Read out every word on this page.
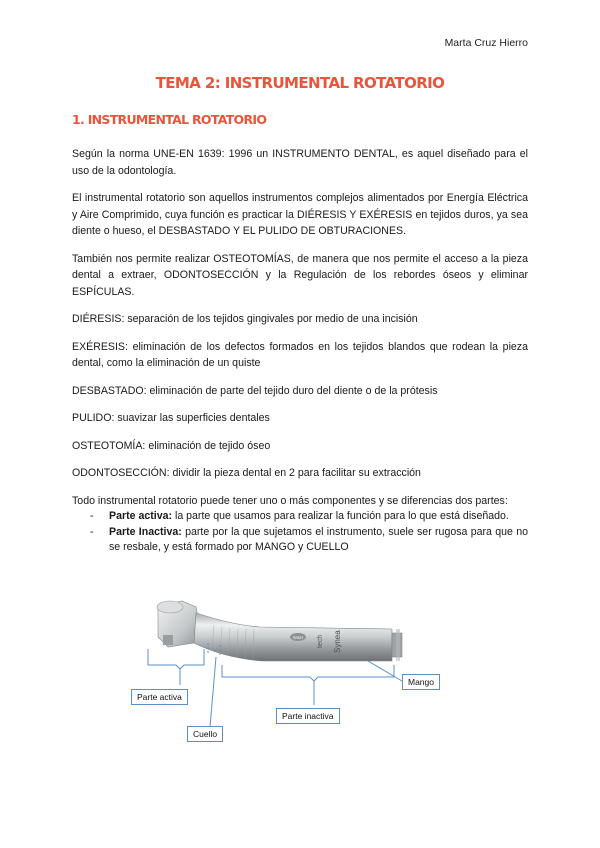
Marta Cruz Hierro
TEMA 2: INSTRUMENTAL ROTATORIO
1. INSTRUMENTAL ROTATORIO

Según la norma UNE-EN 1639: 1996 un INSTRUMENTO DENTAL, es aquel diseñado para el uso de la odontología.

El instrumental rotatorio son aquellos instrumentos complejos alimentados por Energía Eléctrica y Aire Comprimido, cuya función es practicar la DIÉRESIS Y EXÉRESIS en tejidos duros, ya sea diente o hueso, el DESBASTADO Y EL PULIDO DE OBTURACIONES.

También nos permite realizar OSTEOTOMÍAS, de manera que nos permite el acceso a la pieza dental a extraer, ODONTOSECCIÓN y la Regulación de los rebordes óseos y eliminar ESPÍCULAS.

DIÉRESIS: separación de los tejidos gingivales por medio de una incisión

EXÉRESIS: eliminación de los defectos formados en los tejidos blandos que rodean la pieza dental, como la eliminación de un quiste

DESBASTADO: eliminación de parte del tejido duro del diente o de la prótesis

PULIDO: suavizar las superficies dentales

OSTEOTOMÍA: eliminación de tejido óseo

ODONTOSECCIÓN: dividir la pieza dental en 2 para facilitar su extracción

Todo instrumental rotatorio puede tener uno o más componentes y se diferencias dos partes:

- Parte activa: la parte que usamos para realizar la función para lo que está diseñado.
- Parte Inactiva: parte por la que sujetamos el instrumento, suele ser rugosa para que no se resbale, y está formado por MANGO y CUELLO
W&H tech Synea
Mango
Parte activa
Parte inactiva
Cuello
